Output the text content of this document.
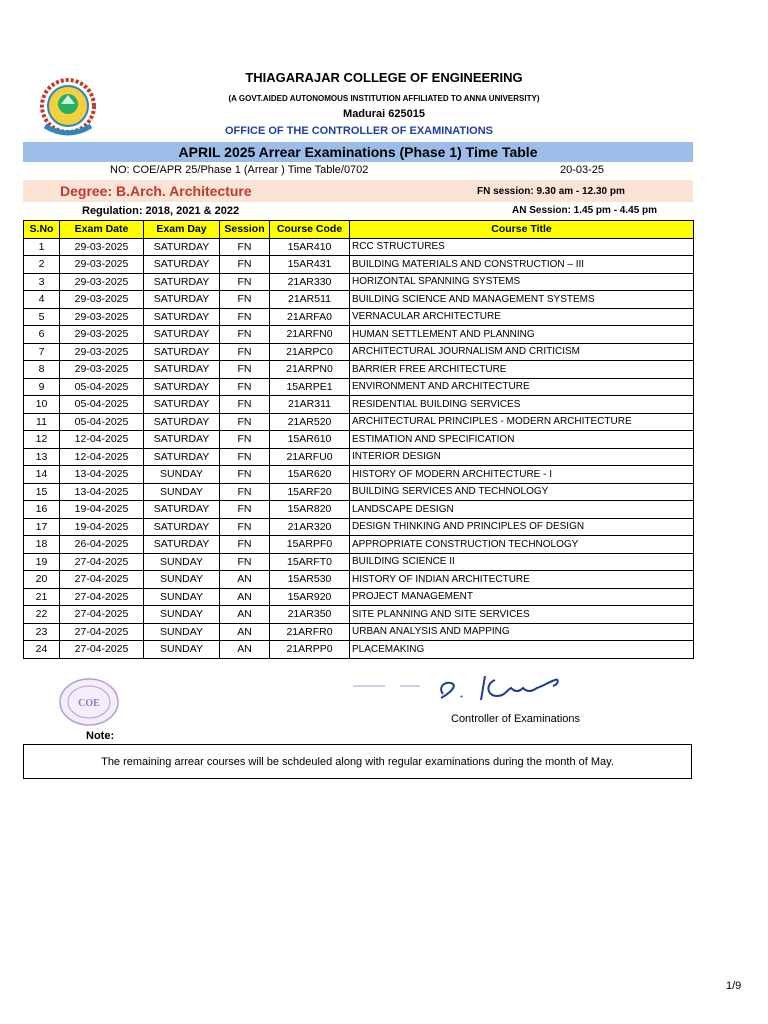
THIAGARAJAR COLLEGE OF ENGINEERING
(A GOVT.AIDED AUTONOMOUS INSTITUTION AFFILIATED TO ANNA UNIVERSITY)
Madurai 625015
OFFICE OF THE CONTROLLER OF EXAMINATIONS
APRIL 2025 Arrear Examinations (Phase 1) Time Table
NO: COE/APR 25/Phase 1 (Arrear ) Time Table/0702	20-03-25
Degree: B.Arch. Architecture	FN session: 9.30 am - 12.30 pm
Regulation: 2018, 2021 & 2022	AN Session: 1.45 pm - 4.45 pm
S.No	Exam Date	Exam Day	Session	Course Code	Course Title
1	29-03-2025	SATURDAY	FN	15AR410	RCC STRUCTURES
2	29-03-2025	SATURDAY	FN	15AR431	BUILDING MATERIALS AND CONSTRUCTION – III
3	29-03-2025	SATURDAY	FN	21AR330	HORIZONTAL SPANNING SYSTEMS
4	29-03-2025	SATURDAY	FN	21AR511	BUILDING SCIENCE AND MANAGEMENT SYSTEMS
5	29-03-2025	SATURDAY	FN	21ARFA0	VERNACULAR ARCHITECTURE
6	29-03-2025	SATURDAY	FN	21ARFN0	HUMAN SETTLEMENT AND PLANNING
7	29-03-2025	SATURDAY	FN	21ARPC0	ARCHITECTURAL JOURNALISM AND CRITICISM
8	29-03-2025	SATURDAY	FN	21ARPN0	BARRIER FREE ARCHITECTURE
9	05-04-2025	SATURDAY	FN	15ARPE1	ENVIRONMENT AND ARCHITECTURE
10	05-04-2025	SATURDAY	FN	21AR311	RESIDENTIAL BUILDING SERVICES
11	05-04-2025	SATURDAY	FN	21AR520	ARCHITECTURAL PRINCIPLES - MODERN ARCHITECTURE
12	12-04-2025	SATURDAY	FN	15AR610	ESTIMATION AND SPECIFICATION
13	12-04-2025	SATURDAY	FN	21ARFU0	INTERIOR DESIGN
14	13-04-2025	SUNDAY	FN	15AR620	HISTORY OF MODERN ARCHITECTURE - I
15	13-04-2025	SUNDAY	FN	15ARF20	BUILDING SERVICES AND TECHNOLOGY
16	19-04-2025	SATURDAY	FN	15AR820	LANDSCAPE DESIGN
17	19-04-2025	SATURDAY	FN	21AR320	DESIGN THINKING AND PRINCIPLES OF DESIGN
18	26-04-2025	SATURDAY	FN	15ARPF0	APPROPRIATE CONSTRUCTION TECHNOLOGY
19	27-04-2025	SUNDAY	FN	15ARFT0	BUILDING SCIENCE II
20	27-04-2025	SUNDAY	AN	15AR530	HISTORY OF INDIAN ARCHITECTURE
21	27-04-2025	SUNDAY	AN	15AR920	PROJECT MANAGEMENT
22	27-04-2025	SUNDAY	AN	21AR350	SITE PLANNING AND SITE SERVICES
23	27-04-2025	SUNDAY	AN	21ARFR0	URBAN ANALYSIS AND MAPPING
24	27-04-2025	SUNDAY	AN	21ARPP0	PLACEMAKING
COE
Controller of Examinations
Note:
The remaining arrear courses will be schdeuled along with regular examinations during the month of May.
1/9
